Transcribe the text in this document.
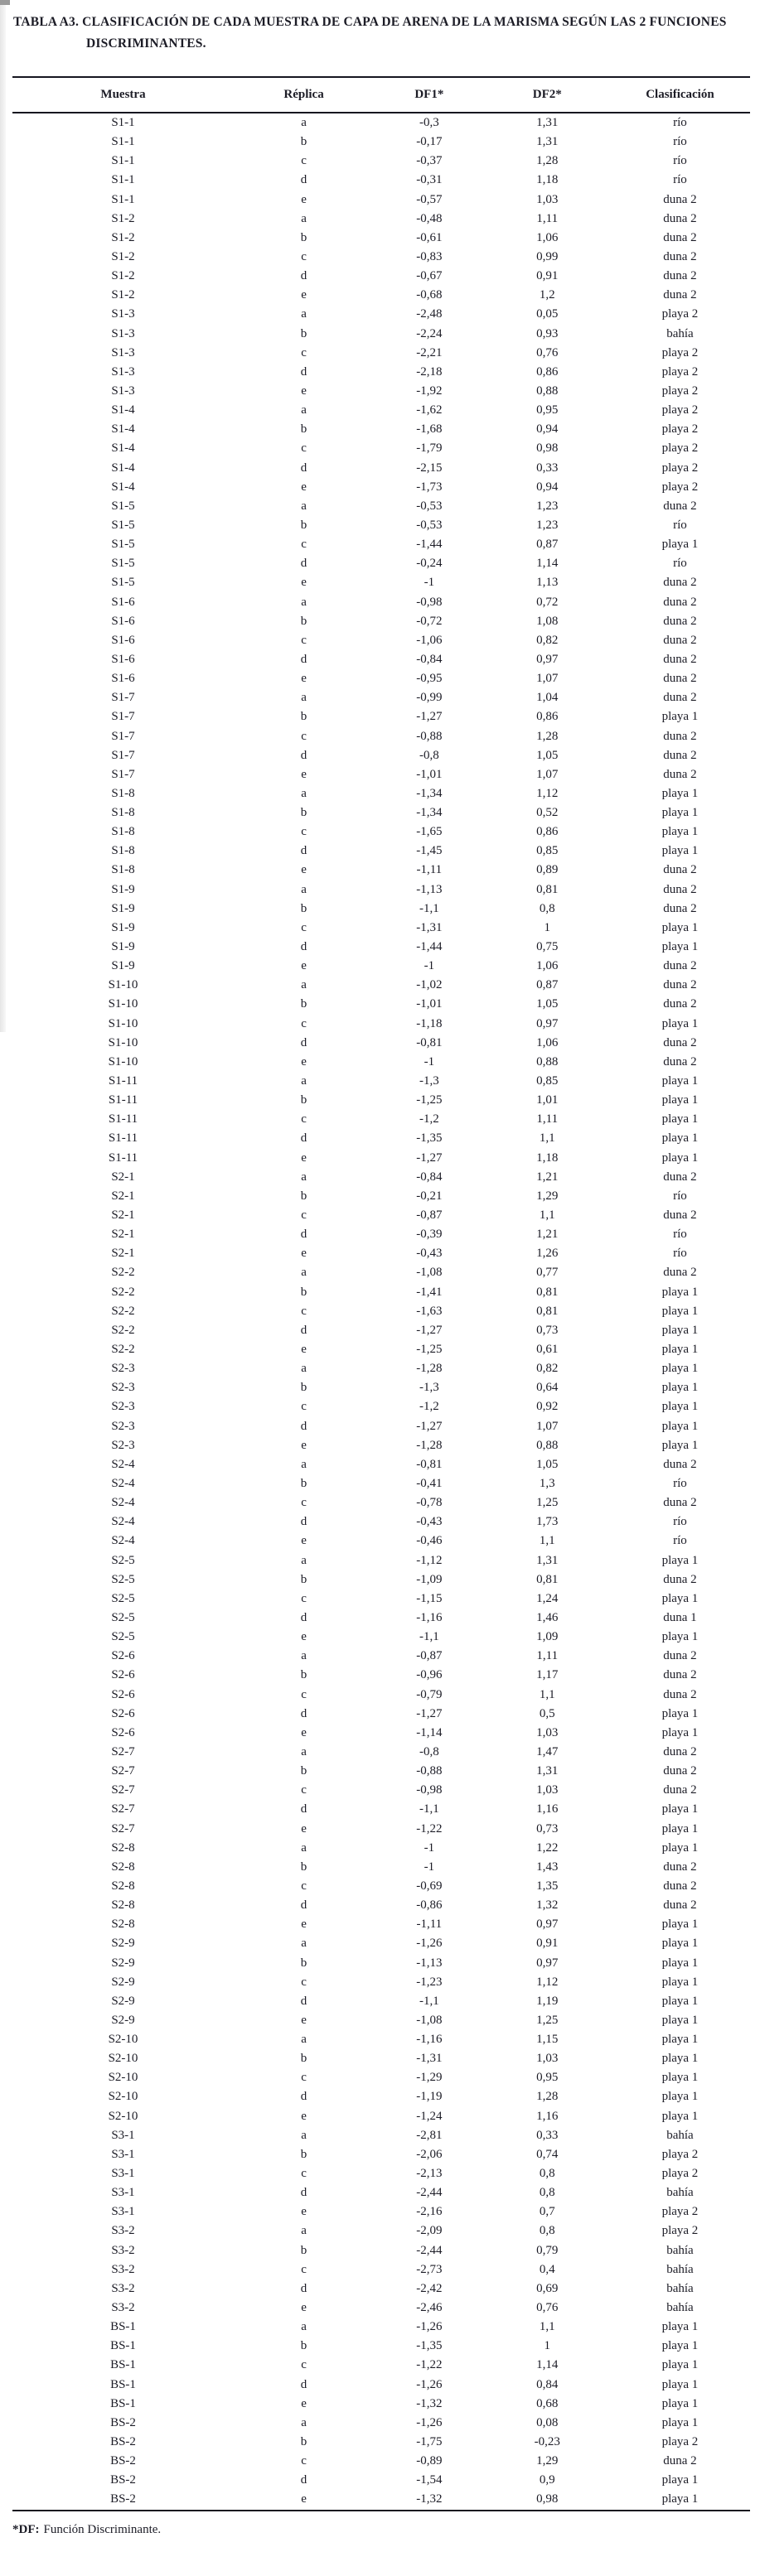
TABLA A3. CLASIFICACIÓN DE CADA MUESTRA DE CAPA DE ARENA DE LA MARISMA SEGÚN LAS 2 FUNCIONES
DISCRIMINANTES.
Muestra	Réplica	DF1*	DF2*	Clasificación
S1-1	a	-0,3	1,31	río
S1-1	b	-0,17	1,31	río
S1-1	c	-0,37	1,28	río
S1-1	d	-0,31	1,18	río
S1-1	e	-0,57	1,03	duna 2
S1-2	a	-0,48	1,11	duna 2
S1-2	b	-0,61	1,06	duna 2
S1-2	c	-0,83	0,99	duna 2
S1-2	d	-0,67	0,91	duna 2
S1-2	e	-0,68	1,2	duna 2
S1-3	a	-2,48	0,05	playa 2
S1-3	b	-2,24	0,93	bahía
S1-3	c	-2,21	0,76	playa 2
S1-3	d	-2,18	0,86	playa 2
S1-3	e	-1,92	0,88	playa 2
S1-4	a	-1,62	0,95	playa 2
S1-4	b	-1,68	0,94	playa 2
S1-4	c	-1,79	0,98	playa 2
S1-4	d	-2,15	0,33	playa 2
S1-4	e	-1,73	0,94	playa 2
S1-5	a	-0,53	1,23	duna 2
S1-5	b	-0,53	1,23	río
S1-5	c	-1,44	0,87	playa 1
S1-5	d	-0,24	1,14	río
S1-5	e	-1	1,13	duna 2
S1-6	a	-0,98	0,72	duna 2
S1-6	b	-0,72	1,08	duna 2
S1-6	c	-1,06	0,82	duna 2
S1-6	d	-0,84	0,97	duna 2
S1-6	e	-0,95	1,07	duna 2
S1-7	a	-0,99	1,04	duna 2
S1-7	b	-1,27	0,86	playa 1
S1-7	c	-0,88	1,28	duna 2
S1-7	d	-0,8	1,05	duna 2
S1-7	e	-1,01	1,07	duna 2
S1-8	a	-1,34	1,12	playa 1
S1-8	b	-1,34	0,52	playa 1
S1-8	c	-1,65	0,86	playa 1
S1-8	d	-1,45	0,85	playa 1
S1-8	e	-1,11	0,89	duna 2
S1-9	a	-1,13	0,81	duna 2
S1-9	b	-1,1	0,8	duna 2
S1-9	c	-1,31	1	playa 1
S1-9	d	-1,44	0,75	playa 1
S1-9	e	-1	1,06	duna 2
S1-10	a	-1,02	0,87	duna 2
S1-10	b	-1,01	1,05	duna 2
S1-10	c	-1,18	0,97	playa 1
S1-10	d	-0,81	1,06	duna 2
S1-10	e	-1	0,88	duna 2
S1-11	a	-1,3	0,85	playa 1
S1-11	b	-1,25	1,01	playa 1
S1-11	c	-1,2	1,11	playa 1
S1-11	d	-1,35	1,1	playa 1
S1-11	e	-1,27	1,18	playa 1
S2-1	a	-0,84	1,21	duna 2
S2-1	b	-0,21	1,29	río
S2-1	c	-0,87	1,1	duna 2
S2-1	d	-0,39	1,21	río
S2-1	e	-0,43	1,26	río
S2-2	a	-1,08	0,77	duna 2
S2-2	b	-1,41	0,81	playa 1
S2-2	c	-1,63	0,81	playa 1
S2-2	d	-1,27	0,73	playa 1
S2-2	e	-1,25	0,61	playa 1
S2-3	a	-1,28	0,82	playa 1
S2-3	b	-1,3	0,64	playa 1
S2-3	c	-1,2	0,92	playa 1
S2-3	d	-1,27	1,07	playa 1
S2-3	e	-1,28	0,88	playa 1
S2-4	a	-0,81	1,05	duna 2
S2-4	b	-0,41	1,3	río
S2-4	c	-0,78	1,25	duna 2
S2-4	d	-0,43	1,73	río
S2-4	e	-0,46	1,1	río
S2-5	a	-1,12	1,31	playa 1
S2-5	b	-1,09	0,81	duna 2
S2-5	c	-1,15	1,24	playa 1
S2-5	d	-1,16	1,46	duna 1
S2-5	e	-1,1	1,09	playa 1
S2-6	a	-0,87	1,11	duna 2
S2-6	b	-0,96	1,17	duna 2
S2-6	c	-0,79	1,1	duna 2
S2-6	d	-1,27	0,5	playa 1
S2-6	e	-1,14	1,03	playa 1
S2-7	a	-0,8	1,47	duna 2
S2-7	b	-0,88	1,31	duna 2
S2-7	c	-0,98	1,03	duna 2
S2-7	d	-1,1	1,16	playa 1
S2-7	e	-1,22	0,73	playa 1
S2-8	a	-1	1,22	playa 1
S2-8	b	-1	1,43	duna 2
S2-8	c	-0,69	1,35	duna 2
S2-8	d	-0,86	1,32	duna 2
S2-8	e	-1,11	0,97	playa 1
S2-9	a	-1,26	0,91	playa 1
S2-9	b	-1,13	0,97	playa 1
S2-9	c	-1,23	1,12	playa 1
S2-9	d	-1,1	1,19	playa 1
S2-9	e	-1,08	1,25	playa 1
S2-10	a	-1,16	1,15	playa 1
S2-10	b	-1,31	1,03	playa 1
S2-10	c	-1,29	0,95	playa 1
S2-10	d	-1,19	1,28	playa 1
S2-10	e	-1,24	1,16	playa 1
S3-1	a	-2,81	0,33	bahía
S3-1	b	-2,06	0,74	playa 2
S3-1	c	-2,13	0,8	playa 2
S3-1	d	-2,44	0,8	bahía
S3-1	e	-2,16	0,7	playa 2
S3-2	a	-2,09	0,8	playa 2
S3-2	b	-2,44	0,79	bahía
S3-2	c	-2,73	0,4	bahía
S3-2	d	-2,42	0,69	bahía
S3-2	e	-2,46	0,76	bahía
BS-1	a	-1,26	1,1	playa 1
BS-1	b	-1,35	1	playa 1
BS-1	c	-1,22	1,14	playa 1
BS-1	d	-1,26	0,84	playa 1
BS-1	e	-1,32	0,68	playa 1
BS-2	a	-1,26	0,08	playa 1
BS-2	b	-1,75	-0,23	playa 2
BS-2	c	-0,89	1,29	duna 2
BS-2	d	-1,54	0,9	playa 1
BS-2	e	-1,32	0,98	playa 1
*DF: Función Discriminante.
